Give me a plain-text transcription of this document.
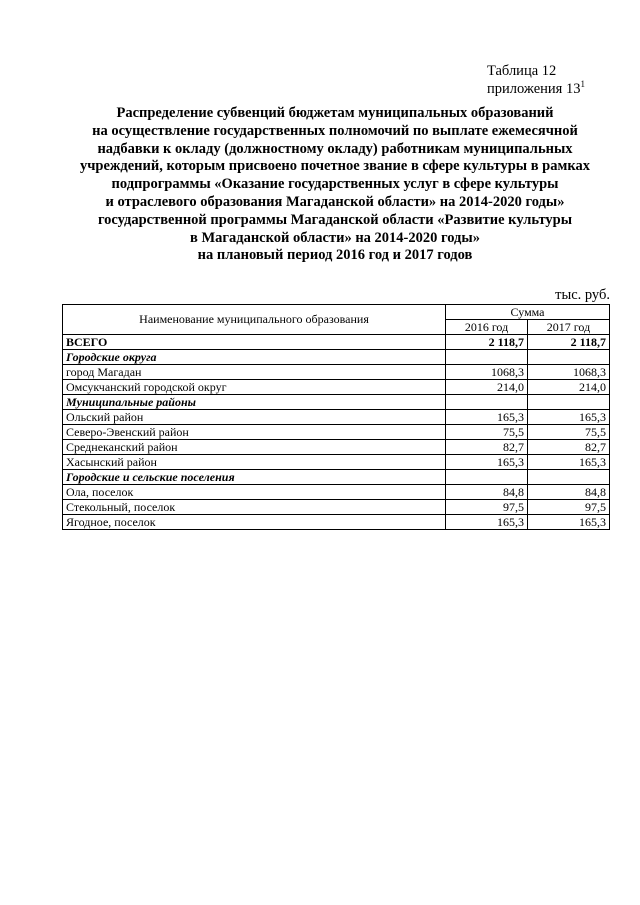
Таблица 12
приложения $13^1$
Распределение субвенций бюджетам муниципальных образований
на осуществление государственных полномочий по выплате ежемесячной
надбавки к окладу (должностному окладу) работникам муниципальных
учреждений, которым присвоено почетное звание в сфере культуры в рамках
подпрограммы «Оказание государственных услуг в сфере культуры
и отраслевого образования Магаданской области» на 2014-2020 годы»
государственной программы Магаданской области «Развитие культуры
в Магаданской области» на 2014-2020 годы»
на плановый период 2016 год и 2017 годов
тыс. руб.
Наименование муниципального образования	Сумма	
	2016 год	2017 год
ВСЕГО	2 118,7	2 118,7
Городские округа		
город Магадан	1068,3	1068,3
Омсукчанский городской округ	214,0	214,0
Муниципальные районы		
Ольский район	165,3	165,3
Северо-Эвенский район	75,5	75,5
Среднеканский район	82,7	82,7
Хасынский район	165,3	165,3
Городские и сельские поселения		
Ола, поселок	84,8	84,8
Стекольный, поселок	97,5	97,5
Ягодное, поселок	165,3	165,3
